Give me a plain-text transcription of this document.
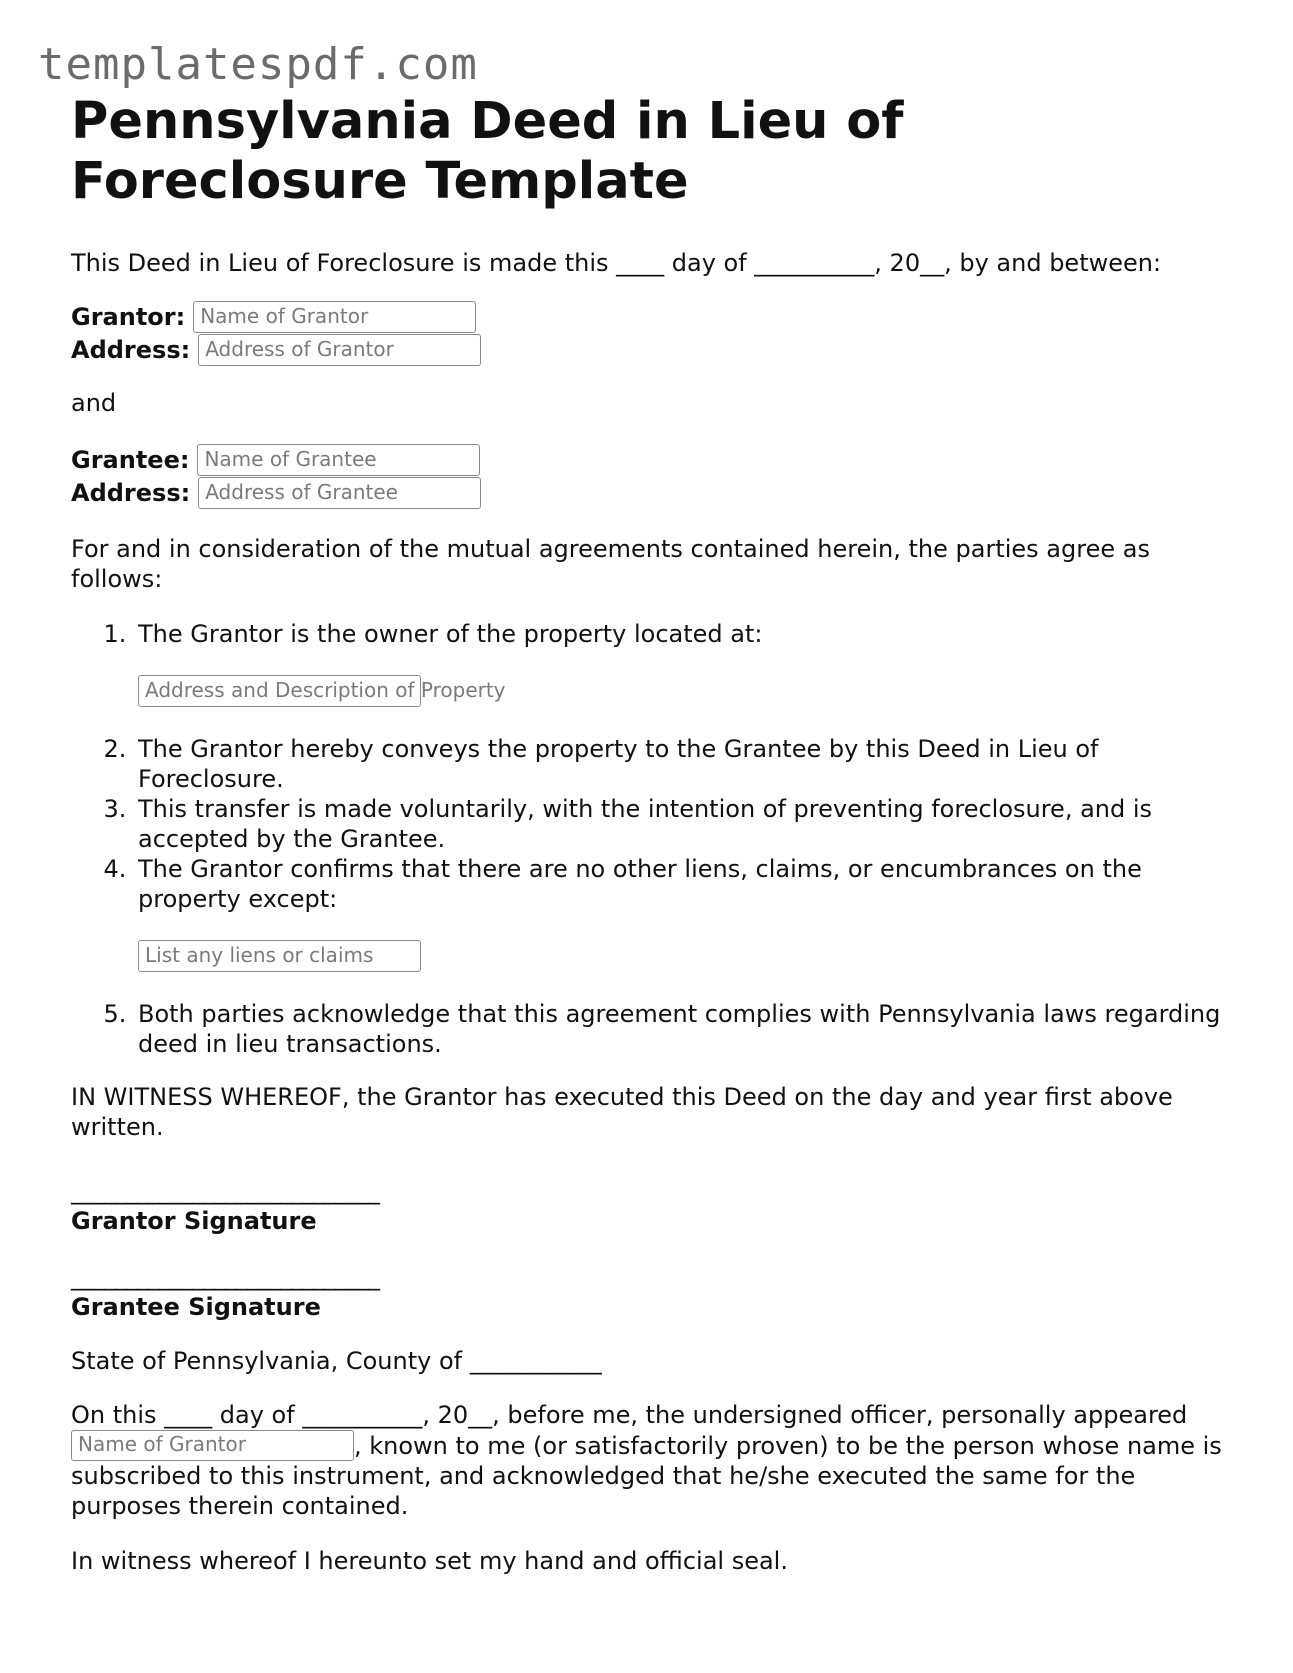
templatespdf.com
Pennsylvania Deed in Lieu of Foreclosure Template

This Deed in Lieu of Foreclosure is made this ____ day of __________, 20__, by and between:

Grantor: Name of Grantor
Address: Address of Grantor

and

Grantee: Name of Grantee
Address: Address of Grantee

For and in consideration of the mutual agreements contained herein, the parties agree as follows:

1. The Grantor is the owner of the property located at:
Address and Description of Property
2. The Grantor hereby conveys the property to the Grantee by this Deed in Lieu of Foreclosure.
3. This transfer is made voluntarily, with the intention of preventing foreclosure, and is accepted by the Grantee.
4. The Grantor confirms that there are no other liens, claims, or encumbrances on the property except:
List any liens or claims
5. Both parties acknowledge that this agreement complies with Pennsylvania laws regarding deed in lieu transactions.

IN WITNESS WHEREOF, the Grantor has executed this Deed on the day and year first above written.

____________________________
Grantor Signature
____________________________
Grantee Signature

State of Pennsylvania, County of ___________

On this ____ day of __________, 20__, before me, the undersigned officer, personally appeared Name of Grantor	, known to me (or satisfactorily proven) to be the person whose name is subscribed to this instrument, and acknowledged that he/she executed the same for the purposes therein contained.

In witness whereof I hereunto set my hand and official seal.
